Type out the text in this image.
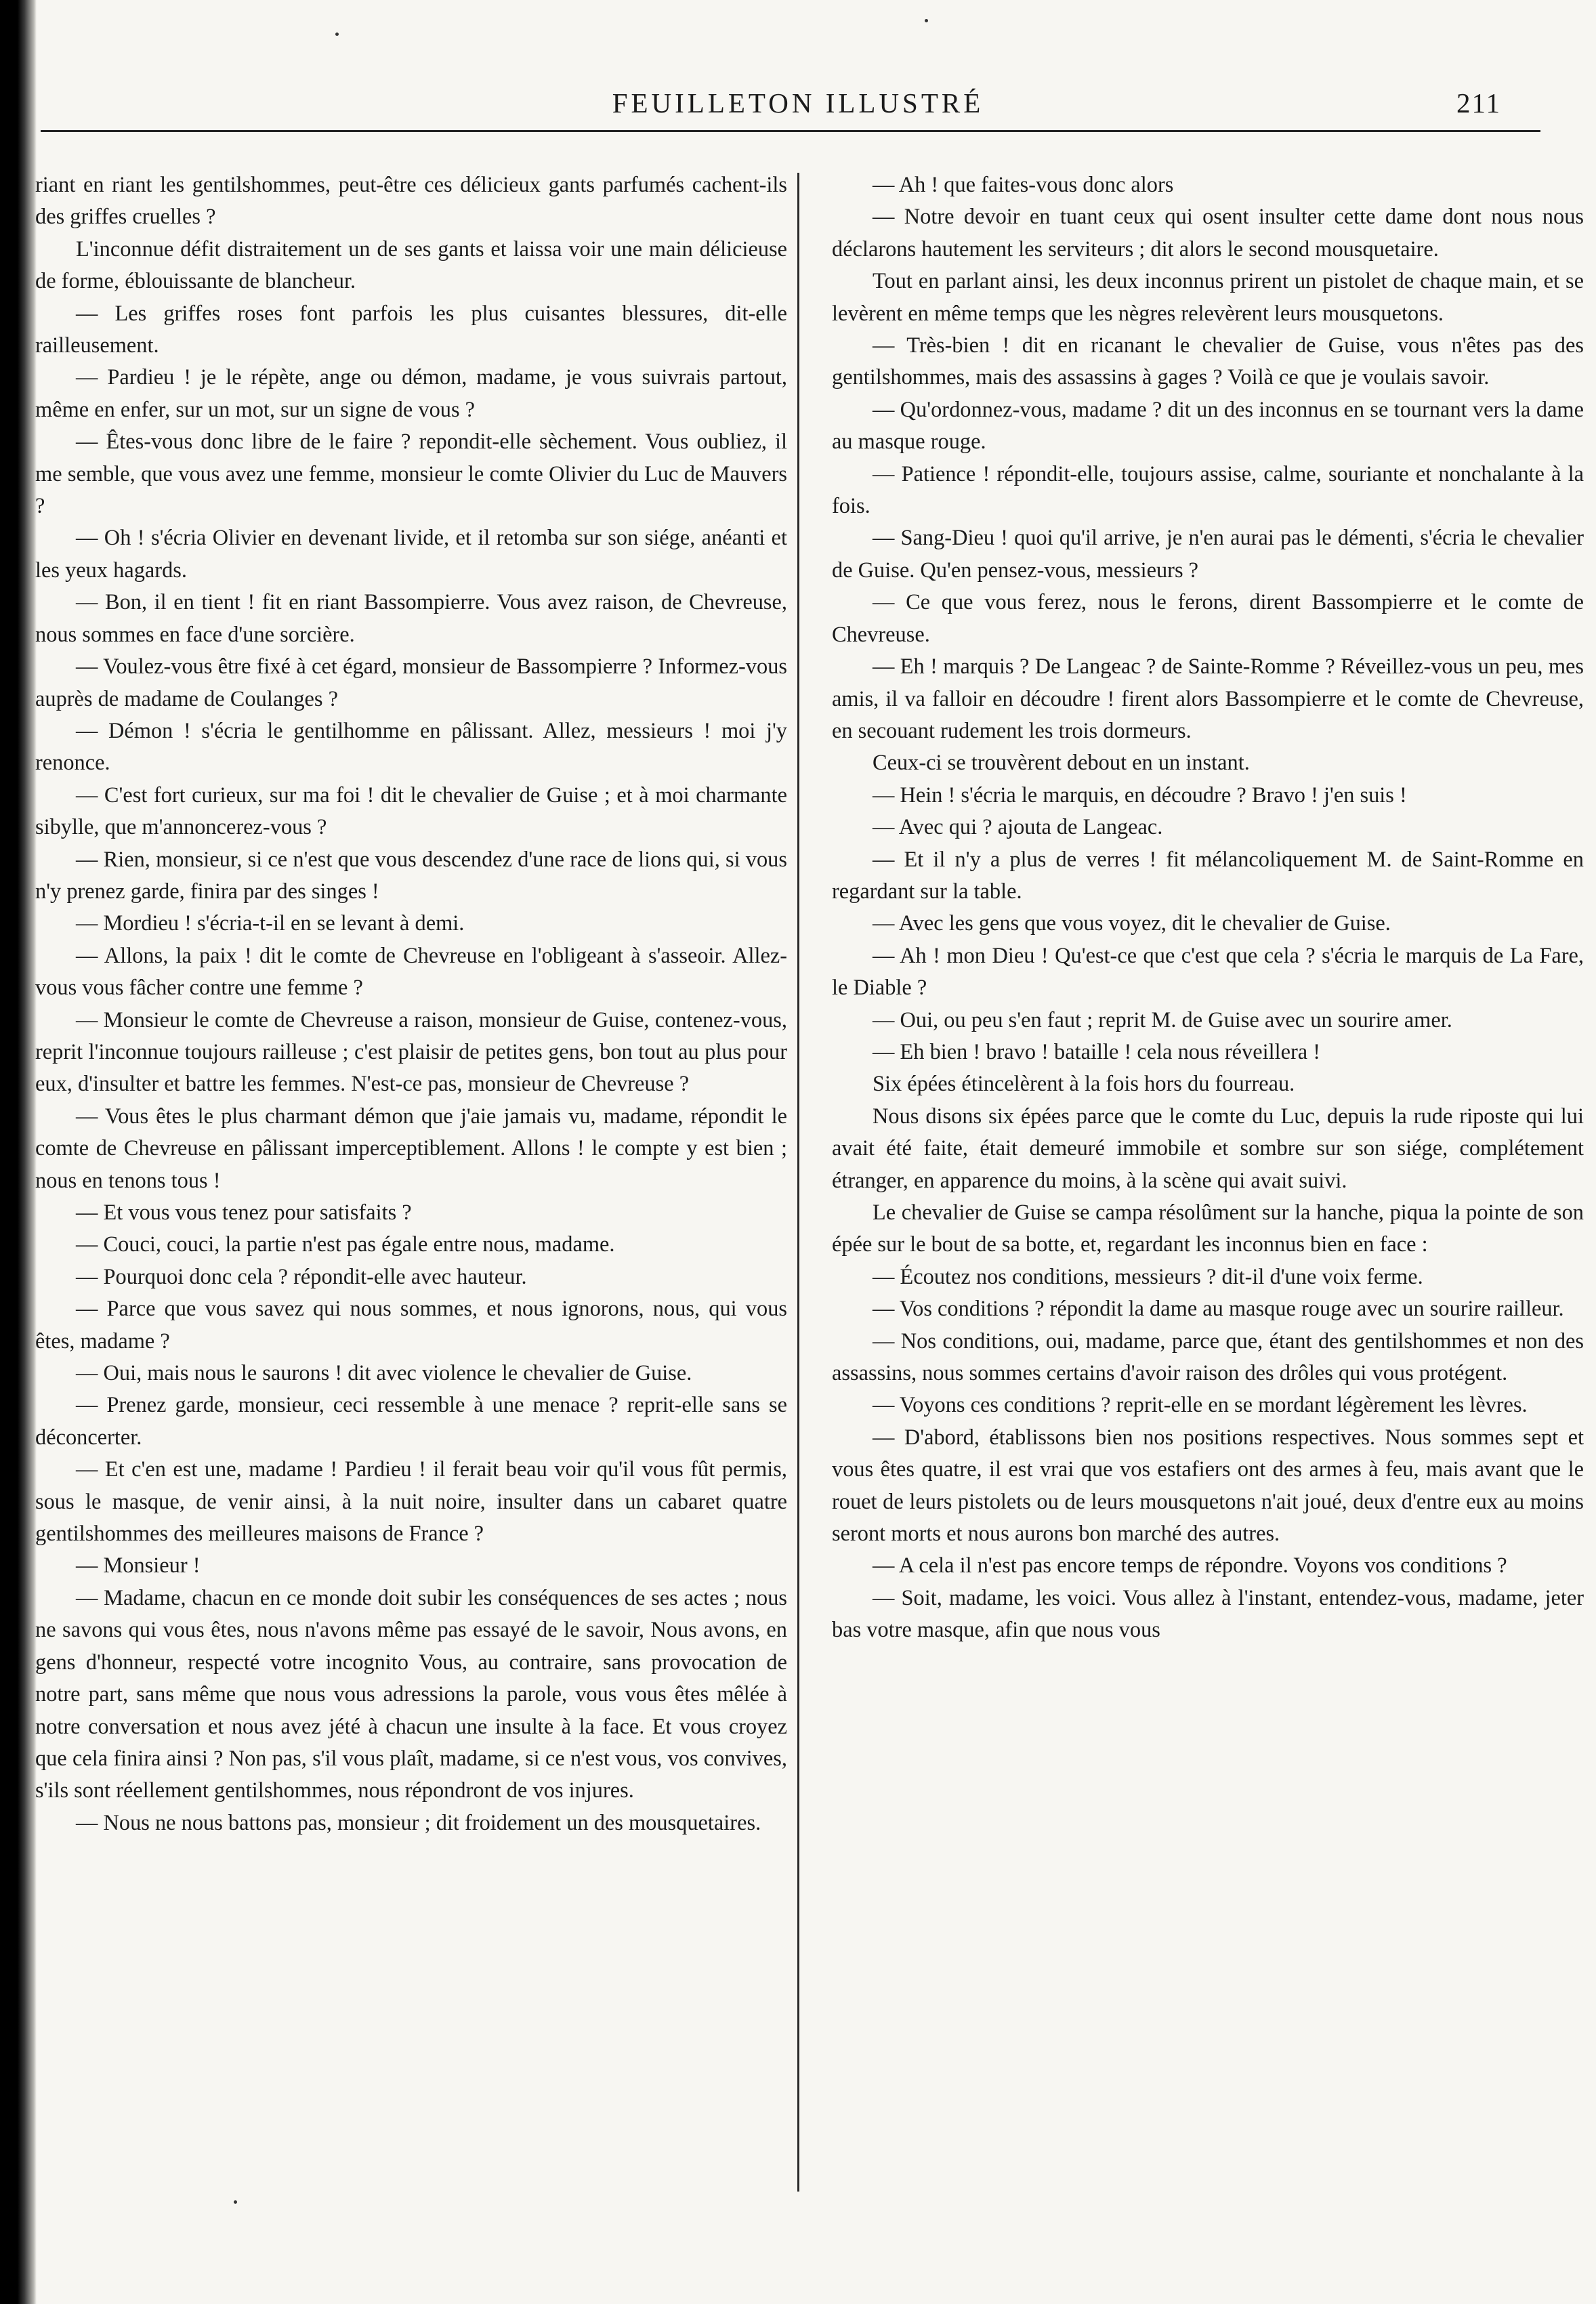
FEUILLETON ILLUSTRÉ	211

riant en riant les gentilshommes, peut-être ces délicieux gants parfumés cachent-ils des griffes cruelles ?

L'inconnue défit distraitement un de ses gants et laissa voir une main délicieuse de forme, éblouissante de blancheur.

— Les griffes roses font parfois les plus cuisantes blessures, dit-elle railleusement.

— Pardieu ! je le répète, ange ou démon, madame, je vous suivrais partout, même en enfer, sur un mot, sur un signe de vous ?

— Êtes-vous donc libre de le faire ? repondit-elle sèchement. Vous oubliez, il me semble, que vous avez une femme, monsieur le comte Olivier du Luc de Mauvers ?

— Oh ! s'écria Olivier en devenant livide, et il retomba sur son siége, anéanti et les yeux hagards.

— Bon, il en tient ! fit en riant Bassompierre. Vous avez raison, de Chevreuse, nous sommes en face d'une sorcière.

— Voulez-vous être fixé à cet égard, monsieur de Bassompierre ? Informez-vous auprès de madame de Coulanges ?

— Démon ! s'écria le gentilhomme en pâlissant. Allez, messieurs ! moi j'y renonce.

— C'est fort curieux, sur ma foi ! dit le chevalier de Guise ; et à moi charmante sibylle, que m'annoncerez-vous ?

— Rien, monsieur, si ce n'est que vous descendez d'une race de lions qui, si vous n'y prenez garde, finira par des singes !

— Mordieu ! s'écria-t-il en se levant à demi.

— Allons, la paix ! dit le comte de Chevreuse en l'obligeant à s'asseoir. Allez-vous vous fâcher contre une femme ?

— Monsieur le comte de Chevreuse a raison, monsieur de Guise, contenez-vous, reprit l'inconnue toujours railleuse ; c'est plaisir de petites gens, bon tout au plus pour eux, d'insulter et battre les femmes. N'est-ce pas, monsieur de Chevreuse ?

— Vous êtes le plus charmant démon que j'aie jamais vu, madame, répondit le comte de Chevreuse en pâlissant imperceptiblement. Allons ! le compte y est bien ; nous en tenons tous !

— Et vous vous tenez pour satisfaits ?

— Couci, couci, la partie n'est pas égale entre nous, madame.

— Pourquoi donc cela ? répondit-elle avec hauteur.

— Parce que vous savez qui nous sommes, et nous ignorons, nous, qui vous êtes, madame ?

— Oui, mais nous le saurons ! dit avec violence le chevalier de Guise.

— Prenez garde, monsieur, ceci ressemble à une menace ? reprit-elle sans se déconcerter.

— Et c'en est une, madame ! Pardieu ! il ferait beau voir qu'il vous fût permis, sous le masque, de venir ainsi, à la nuit noire, insulter dans un cabaret quatre gentilshommes des meilleures maisons de France ?

— Monsieur !

— Madame, chacun en ce monde doit subir les conséquences de ses actes ; nous ne savons qui vous êtes, nous n'avons même pas essayé de le savoir, Nous avons, en gens d'honneur, respecté votre incognito Vous, au contraire, sans provocation de notre part, sans même que nous vous adressions la parole, vous vous êtes mêlée à notre conversation et nous avez jété à chacun une insulte à la face. Et vous croyez que cela finira ainsi ? Non pas, s'il vous plaît, madame, si ce n'est vous, vos convives, s'ils sont réellement gentilshommes, nous répondront de vos injures.

— Nous ne nous battons pas, monsieur ; dit froidement un des mousquetaires.

— Ah ! que faites-vous donc alors

— Notre devoir en tuant ceux qui osent insulter cette dame dont nous nous déclarons hautement les serviteurs ; dit alors le second mousquetaire.

Tout en parlant ainsi, les deux inconnus prirent un pistolet de chaque main, et se levèrent en même temps que les nègres relevèrent leurs mousquetons.

— Très-bien ! dit en ricanant le chevalier de Guise, vous n'êtes pas des gentilshommes, mais des assassins à gages ? Voilà ce que je voulais savoir.

— Qu'ordonnez-vous, madame ? dit un des inconnus en se tournant vers la dame au masque rouge.

— Patience ! répondit-elle, toujours assise, calme, souriante et nonchalante à la fois.

— Sang-Dieu ! quoi qu'il arrive, je n'en aurai pas le démenti, s'écria le chevalier de Guise. Qu'en pensez-vous, messieurs ?

— Ce que vous ferez, nous le ferons, dirent Bassompierre et le comte de Chevreuse.

— Eh ! marquis ? De Langeac ? de Sainte-Romme ? Réveillez-vous un peu, mes amis, il va falloir en découdre ! firent alors Bassompierre et le comte de Chevreuse, en secouant rudement les trois dormeurs.

Ceux-ci se trouvèrent debout en un instant.

— Hein ! s'écria le marquis, en découdre ? Bravo ! j'en suis !

— Avec qui ? ajouta de Langeac.

— Et il n'y a plus de verres ! fit mélancoliquement M. de Saint-Romme en regardant sur la table.

— Avec les gens que vous voyez, dit le chevalier de Guise.

— Ah ! mon Dieu ! Qu'est-ce que c'est que cela ? s'écria le marquis de La Fare, le Diable ?

— Oui, ou peu s'en faut ; reprit M. de Guise avec un sourire amer.

— Eh bien ! bravo ! bataille ! cela nous réveillera !

Six épées étincelèrent à la fois hors du fourreau.

Nous disons six épées parce que le comte du Luc, depuis la rude riposte qui lui avait été faite, était demeuré immobile et sombre sur son siége, complétement étranger, en apparence du moins, à la scène qui avait suivi.

Le chevalier de Guise se campa résolûment sur la hanche, piqua la pointe de son épée sur le bout de sa botte, et, regardant les inconnus bien en face :

— Écoutez nos conditions, messieurs ? dit-il d'une voix ferme.

— Vos conditions ? répondit la dame au masque rouge avec un sourire railleur.

— Nos conditions, oui, madame, parce que, étant des gentilshommes et non des assassins, nous sommes certains d'avoir raison des drôles qui vous protégent.

— Voyons ces conditions ? reprit-elle en se mordant légèrement les lèvres.

— D'abord, établissons bien nos positions respectives. Nous sommes sept et vous êtes quatre, il est vrai que vos estafiers ont des armes à feu, mais avant que le rouet de leurs pistolets ou de leurs mousquetons n'ait joué, deux d'entre eux au moins seront morts et nous aurons bon marché des autres.

— A cela il n'est pas encore temps de répondre. Voyons vos conditions ?

— Soit, madame, les voici. Vous allez à l'instant, entendez-vous, madame, jeter bas votre masque, afin que nous vous
